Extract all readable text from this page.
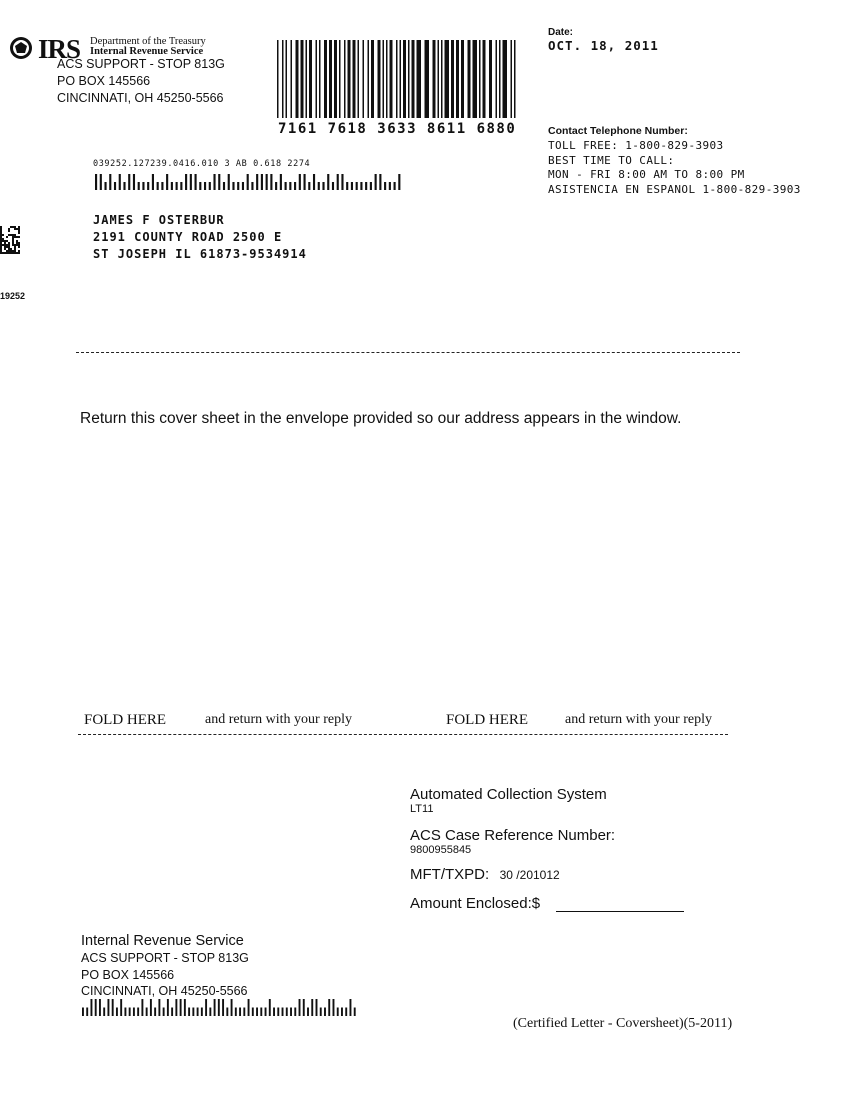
IRS Department of the Treasury
Internal Revenue Service
ACS SUPPORT - STOP 813G
PO BOX 145566
CINCINNATI, OH 45250-5566
7161 7618 3633 8611 6880
Date:
OCT. 18, 2011
Contact Telephone Number:
TOLL FREE: 1-800-829-3903
BEST TIME TO CALL:
MON - FRI 8:00 AM TO 8:00 PM
ASISTENCIA EN ESPANOL 1-800-829-3903
039252.127239.0416.010 3 AB 0.618 2274
JAMES F OSTERBUR
2191 COUNTY ROAD 2500 E
ST JOSEPH IL 61873-9534914
19252
Return this cover sheet in the envelope provided so our address appears in the window.
FOLD HERE	and return with your reply	FOLD HERE	and return with your reply
Automated Collection System
LT11
ACS Case Reference Number:
9800955845
MFT/TXPD: 30 /201012
Amount Enclosed:$
Internal Revenue Service
ACS SUPPORT - STOP 813G
PO BOX 145566
CINCINNATI, OH 45250-5566
(Certified Letter - Coversheet)(5-2011)
